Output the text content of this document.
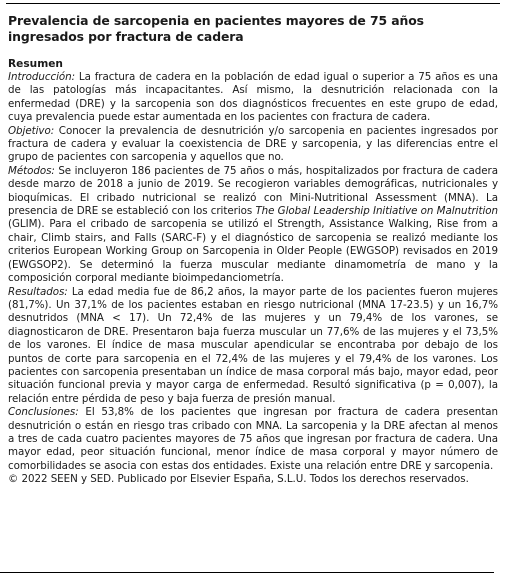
Prevalencia de sarcopenia en pacientes mayores de 75 años ingresados por fractura de cadera
Resumen

Introducción: La fractura de cadera en la población de edad igual o superior a 75 años es una de las patologías más incapacitantes. Así mismo, la desnutrición relacionada con la enfermedad (DRE) y la sarcopenia son dos diagnósticos frecuentes en este grupo de edad, cuya prevalencia puede estar aumentada en los pacientes con fractura de cadera.

Objetivo: Conocer la prevalencia de desnutrición y/o sarcopenia en pacientes ingresados por fractura de cadera y evaluar la coexistencia de DRE y sarcopenia, y las diferencias entre el grupo de pacientes con sarcopenia y aquellos que no.

Métodos: Se incluyeron 186 pacientes de 75 años o más, hospitalizados por fractura de cadera desde marzo de 2018 a junio de 2019. Se recogieron variables demográficas, nutricionales y bioquímicas. El cribado nutricional se realizó con Mini-Nutritional Assessment (MNA). La presencia de DRE se estableció con los criterios The Global Leadership Initiative on Malnutrition (GLIM). Para el cribado de sarcopenia se utilizó el Strength, Assistance Walking, Rise from a chair, Climb stairs, and Falls (SARC-F) y el diagnóstico de sarcopenia se realizó mediante los criterios European Working Group on Sarcopenia in Older People (EWGSOP) revisados en 2019 (EWGSOP2). Se determinó la fuerza muscular mediante dinamometría de mano y la composición corporal mediante bioimpedanciometría.

Resultados: La edad media fue de 86,2 años, la mayor parte de los pacientes fueron mujeres (81,7%). Un 37,1% de los pacientes estaban en riesgo nutricional (MNA 17-23.5) y un 16,7% desnutridos (MNA < 17). Un 72,4% de las mujeres y un 79,4% de los varones, se diagnosticaron de DRE. Presentaron baja fuerza muscular un 77,6% de las mujeres y el 73,5% de los varones. El índice de masa muscular apendicular se encontraba por debajo de los puntos de corte para sarcopenia en el 72,4% de las mujeres y el 79,4% de los varones. Los pacientes con sarcopenia presentaban un índice de masa corporal más bajo, mayor edad, peor situación funcional previa y mayor carga de enfermedad. Resultó significativa (p = 0,007), la relación entre pérdida de peso y baja fuerza de presión manual.

Conclusiones: El 53,8% de los pacientes que ingresan por fractura de cadera presentan desnutrición o están en riesgo tras cribado con MNA. La sarcopenia y la DRE afectan al menos a tres de cada cuatro pacientes mayores de 75 años que ingresan por fractura de cadera. Una mayor edad, peor situación funcional, menor índice de masa corporal y mayor número de comorbilidades se asocia con estas dos entidades. Existe una relación entre DRE y sarcopenia.

© 2022 SEEN y SED. Publicado por Elsevier España, S.L.U. Todos los derechos reservados.
